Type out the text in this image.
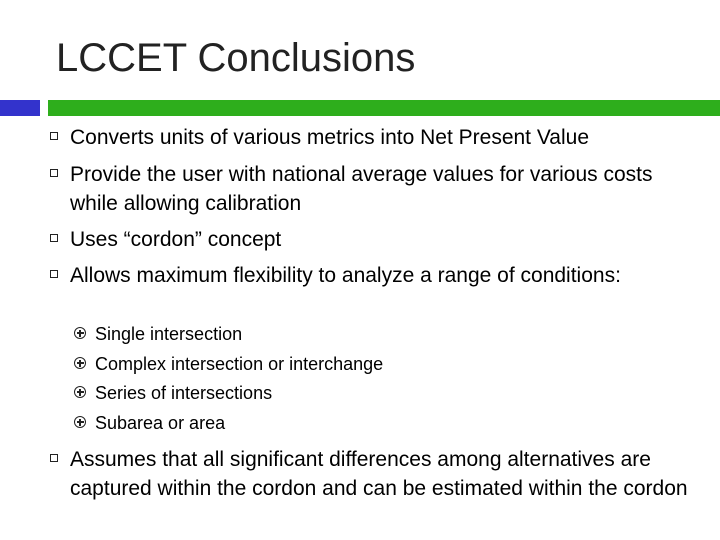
LCCET Conclusions
Converts units of various metrics into Net Present Value
Provide the user with national average values for various costs while allowing calibration
Uses “cordon” concept
Allows maximum flexibility to analyze a range of conditions:
Single intersection
Complex intersection or interchange
Series of intersections
Subarea or area
Assumes that all significant differences among alternatives are captured within the cordon and can be estimated within the cordon
